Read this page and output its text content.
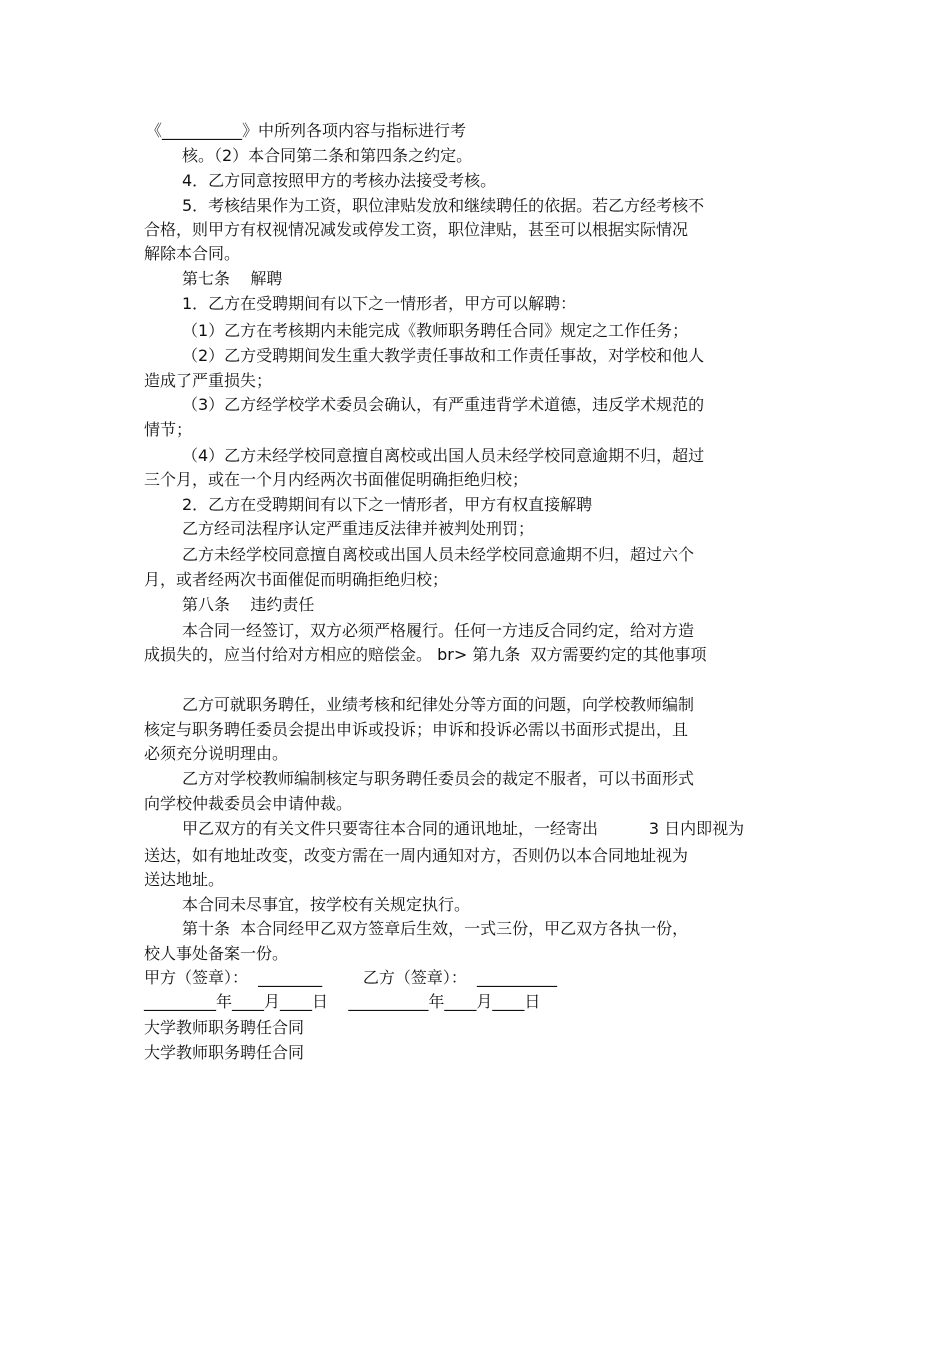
《__________》中所列各项内容与指标进行考

核。（2）本合同第二条和第四条之约定。

4．乙方同意按照甲方的考核办法接受考核。

5．考核结果作为工资，职位津贴发放和继续聘任的依据。若乙方经考核不

合格，则甲方有权视情况减发或停发工资，职位津贴，甚至可以根据实际情况

解除本合同。

第七条    解聘

1．乙方在受聘期间有以下之一情形者，甲方可以解聘：

（1）乙方在考核期内未能完成《教师职务聘任合同》规定之工作任务；

（2）乙方受聘期间发生重大教学责任事故和工作责任事故，对学校和他人

造成了严重损失；

（3）乙方经学校学术委员会确认，有严重违背学术道德，违反学术规范的

情节；

（4）乙方未经学校同意擅自离校或出国人员未经学校同意逾期不归，超过

三个月，或在一个月内经两次书面催促明确拒绝归校；

2．乙方在受聘期间有以下之一情形者，甲方有权直接解聘

乙方经司法程序认定严重违反法律并被判处刑罚；

乙方未经学校同意擅自离校或出国人员未经学校同意逾期不归，超过六个

月，或者经两次书面催促而明确拒绝归校；

第八条    违约责任

本合同一经签订，双方必须严格履行。任何一方违反合同约定，给对方造

成损失的，应当付给对方相应的赔偿金。 br> 第九条  双方需要约定的其他事项

乙方可就职务聘任，业绩考核和纪律处分等方面的问题，向学校教师编制

核定与职务聘任委员会提出申诉或投诉；申诉和投诉必需以书面形式提出，且

必须充分说明理由。

乙方对学校教师编制核定与职务聘任委员会的裁定不服者，可以书面形式

向学校仲裁委员会申请仲裁。

甲乙双方的有关文件只要寄往本合同的通讯地址，一经寄出          3 日内即视为

送达，如有地址改变，改变方需在一周内通知对方，否则仍以本合同地址视为

送达地址。

本合同未尽事宜，按学校有关规定执行。

第十条  本合同经甲乙双方签章后生效，一式三份，甲乙双方各执一份，

校人事处备案一份。

甲方（签章）：  ________        乙方（签章）：  __________

_________年____月____日    __________年____月____日

大学教师职务聘任合同

大学教师职务聘任合同
